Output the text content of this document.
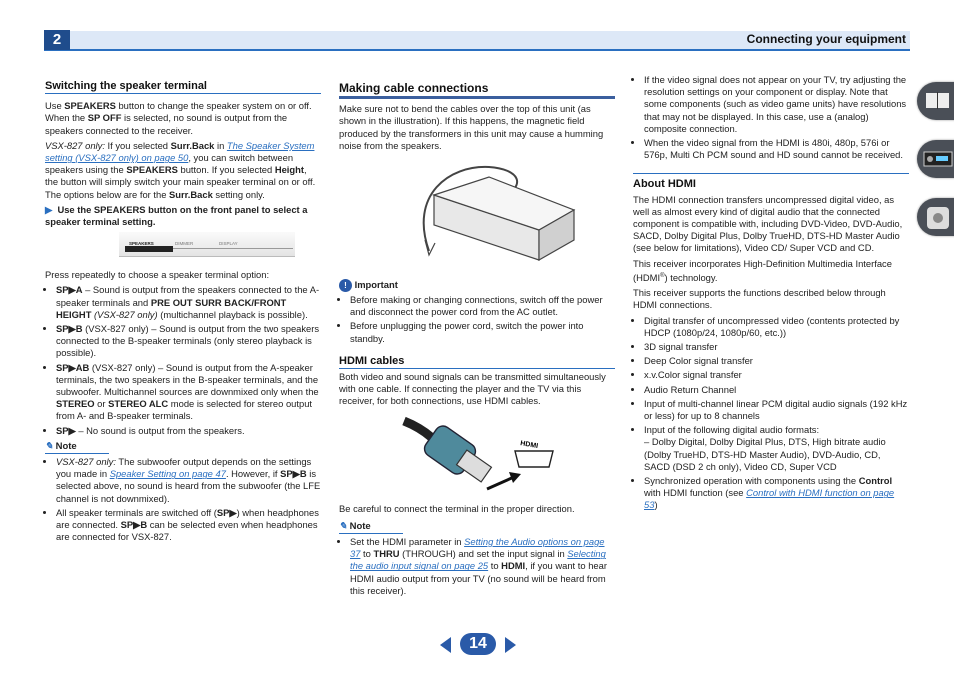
2	Connecting your equipment
Switching the speaker terminal

Use SPEAKERS button to change the speaker system on or off. When the SP OFF is selected, no sound is output from the speakers connected to the receiver.

VSX-827 only: If you selected Surr.Back in The Speaker System setting (VSX-827 only) on page 50, you can switch between speakers using the SPEAKERS button. If you selected Height, the button will simply switch your main speaker terminal on or off. The options below are for the Surr.Back setting only.

▶ Use the SPEAKERS button on the front panel to select a speaker terminal setting.

SPEAKERS	DIMMER	DISPLAY

Press repeatedly to choose a speaker terminal option:

• SP▶A – Sound is output from the speakers connected to the A-speaker terminals and PRE OUT SURR BACK/FRONT HEIGHT (VSX-827 only) (multichannel playback is possible).
• SP▶B (VSX-827 only) – Sound is output from the two speakers connected to the B-speaker terminals (only stereo playback is possible).
• SP▶AB (VSX-827 only) – Sound is output from the A-speaker terminals, the two speakers in the B-speaker terminals, and the subwoofer. Multichannel sources are downmixed only when the STEREO or STEREO ALC mode is selected for stereo output from A- and B-speaker terminals.
• SP▶ – No sound is output from the speakers.
✎ Note
• VSX-827 only: The subwoofer output depends on the settings you made in Speaker Setting on page 47. However, if SP▶B is selected above, no sound is heard from the subwoofer (the LFE channel is not downmixed).
• All speaker terminals are switched off (SP▶) when headphones are connected. SP▶B can be selected even when headphones are connected for VSX-827.
Making cable connections

Make sure not to bend the cables over the top of this unit (as shown in the illustration). If this happens, the magnetic field produced by the transformers in this unit may cause a humming noise from the speakers.

! Important
• Before making or changing connections, switch off the power and disconnect the power cord from the AC outlet.
• Before unplugging the power cord, switch the power into standby.
HDMI cables

Both video and sound signals can be transmitted simultaneously with one cable. If connecting the player and the TV via this receiver, for both connections, use HDMI cables.

HDMI

Be careful to connect the terminal in the proper direction.

✎ Note
• Set the HDMI parameter in Setting the Audio options on page 37 to THRU (THROUGH) and set the input signal in Selecting the audio input signal on page 25 to HDMI, if you want to hear HDMI audio output from your TV (no sound will be heard from this receiver).
• If the video signal does not appear on your TV, try adjusting the resolution settings on your component or display. Note that some components (such as video game units) have resolutions that may not be displayed. In this case, use a (analog) composite connection.
• When the video signal from the HDMI is 480i, 480p, 576i or 576p, Multi Ch PCM sound and HD sound cannot be received.
About HDMI

The HDMI connection transfers uncompressed digital video, as well as almost every kind of digital audio that the connected component is compatible with, including DVD-Video, DVD-Audio, SACD, Dolby Digital Plus, Dolby TrueHD, DTS-HD Master Audio (see below for limitations), Video CD/ Super VCD and CD.

This receiver incorporates High-Definition Multimedia Interface (HDMI®) technology.

This receiver supports the functions described below through HDMI connections.

• Digital transfer of uncompressed video (contents protected by HDCP (1080p/24, 1080p/60, etc.))
• 3D signal transfer
• Deep Color signal transfer
• x.v.Color signal transfer
• Audio Return Channel
• Input of multi-channel linear PCM digital audio signals (192 kHz or less) for up to 8 channels
• Input of the following digital audio formats:
– Dolby Digital, Dolby Digital Plus, DTS, High bitrate audio (Dolby TrueHD, DTS-HD Master Audio), DVD-Audio, CD, SACD (DSD 2 ch only), Video CD, Super VCD
• Synchronized operation with components using the Control with HDMI function (see Control with HDMI function on page 53)
14
